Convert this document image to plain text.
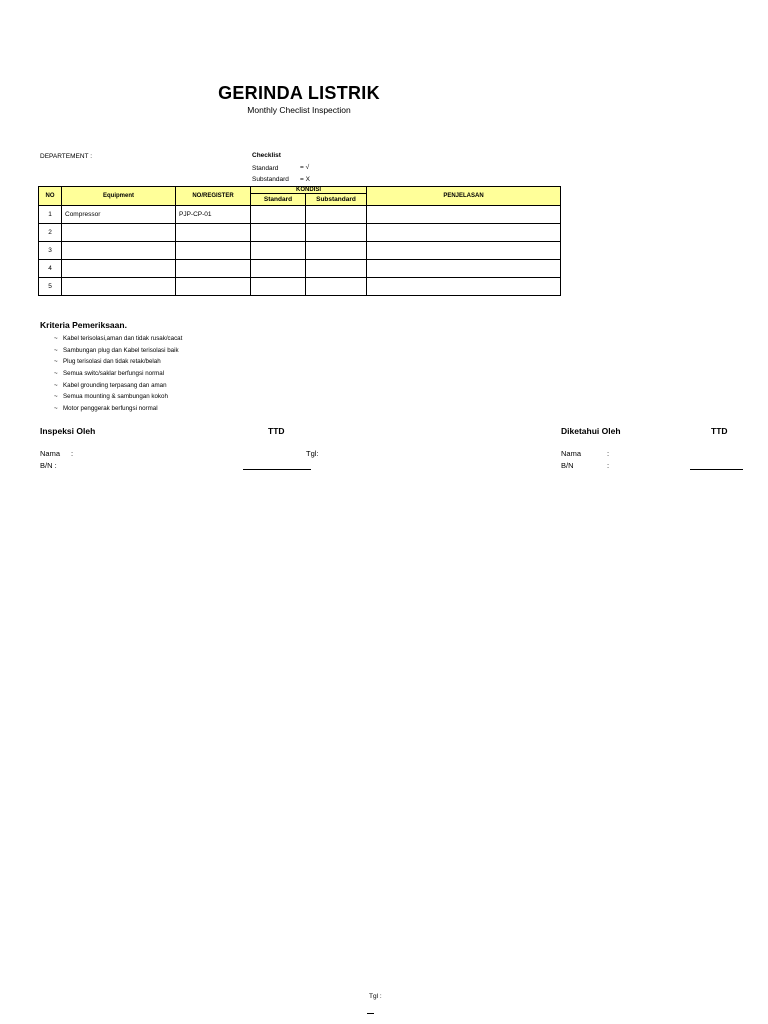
GERINDA LISTRIK
Monthly Checlist Inspection
DEPARTEMENT :	Checklist
Standard	= √
Substandard = X
NO	Equipment	NO/REGISTER	KONDISI		PENJELASAN
			Standard	Substandard	
1	Compressor	PJP-CP-01			
2					
3					
4					
5					
Kriteria Pemeriksaan.
~ Kabel terisolasi,aman dan tidak rusak/cacat
~ Sambungan plug dan Kabel terisolasi baik
~ Plug terisolasi dan tidak retak/belah
~ Semua switc/saklar berfungsi normal
~ Kabel grounding terpasang dan aman
~ Semua mounting & sambungan kokoh
~ Motor penggerak berfungsi normal
Inspeksi Oleh	TTD	Diketahui Oleh	TTD
Nama :	Tgl:
B/N :
Nama	:
B/N	:
Tgl :
